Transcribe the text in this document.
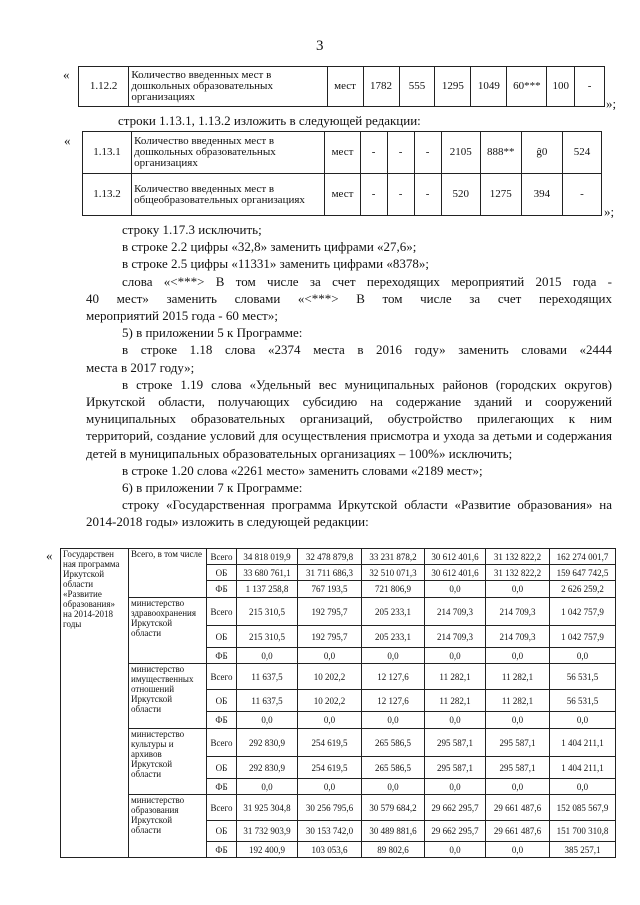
3
«
1.12.2	Количество введенных мест в дошкольных образовательных организациях	мест	1782	555	1295	1049	60***	100	-
»;
строки 1.13.1, 1.13.2 изложить в следующей редакции:
«
1.13.1	Количество введенных мест в дошкольных образовательных организациях	мест	-	-	-	2105	888**	ĝ0	524
1.13.2	Количество введенных мест в общеобразовательных организациях	мест	-	-	-	520	1275	394	-
»;

строку 1.17.3 исключить;

в строке 2.2 цифры «32,8» заменить цифрами «27,6»;

в строке 2.5 цифры «11331» заменить цифрами «8378»;

слова «<***> В том числе за счет переходящих мероприятий 2015 года -

40 мест» заменить словами «<***> В том числе за счет переходящих

мероприятий 2015 года - 60 мест»;

5) в приложении 5 к Программе:

в строке 1.18 слова «2374 места в 2016 году» заменить словами «2444

места в 2017 году»;

в строке 1.19 слова «Удельный вес муниципальных районов (городских округов) Иркутской области, получающих субсидию на содержание зданий и сооружений муниципальных образовательных организаций, обустройство прилегающих к ним территорий, создание условий для осуществления присмотра и ухода за детьми и содержания детей в муниципальных образовательных организациях – 100%» исключить;

в строке 1.20 слова «2261 место» заменить словами «2189 мест»;

6) в приложении 7 к Программе:

строку «Государственная программа Иркутской области «Развитие образования» на 2014-2018 годы» изложить в следующей редакции:

« Государствен ная программа Иркутской области «Развитие образования» на 2014-2018 годы	Всего, в том числе	Всего	34 818 019,9	32 478 879,8	33 231 878,2	30 612 401,6	31 132 822,2	162 274 001,7
		ОБ	33 680 761,1	31 711 686,3	32 510 071,3	30 612 401,6	31 132 822,2	159 647 742,5
		ФБ	1 137 258,8	767 193,5	721 806,9	0,0	0,0	2 626 259,2
	министерство здравоохранения Иркутской области	Всего	215 310,5	192 795,7	205 233,1	214 709,3	214 709,3	1 042 757,9
		ОБ	215 310,5	192 795,7	205 233,1	214 709,3	214 709,3	1 042 757,9
		ФБ	0,0	0,0	0,0	0,0	0,0	0,0
	министерство имущественных отношений Иркутской области	Всего	11 637,5	10 202,2	12 127,6	11 282,1	11 282,1	56 531,5
		ОБ	11 637,5	10 202,2	12 127,6	11 282,1	11 282,1	56 531,5
		ФБ	0,0	0,0	0,0	0,0	0,0	0,0
	министерство культуры и архивов Иркутской области	Всего	292 830,9	254 619,5	265 586,5	295 587,1	295 587,1	1 404 211,1
		ОБ	292 830,9	254 619,5	265 586,5	295 587,1	295 587,1	1 404 211,1
		ФБ	0,0	0,0	0,0	0,0	0,0	0,0
	министерство образования Иркутской области	Всего	31 925 304,8	30 256 795,6	30 579 684,2	29 662 295,7	29 661 487,6	152 085 567,9
		ОБ	31 732 903,9	30 153 742,0	30 489 881,6	29 662 295,7	29 661 487,6	151 700 310,8
		ФБ	192 400,9	103 053,6	89 802,6	0,0	0,0	385 257,1
